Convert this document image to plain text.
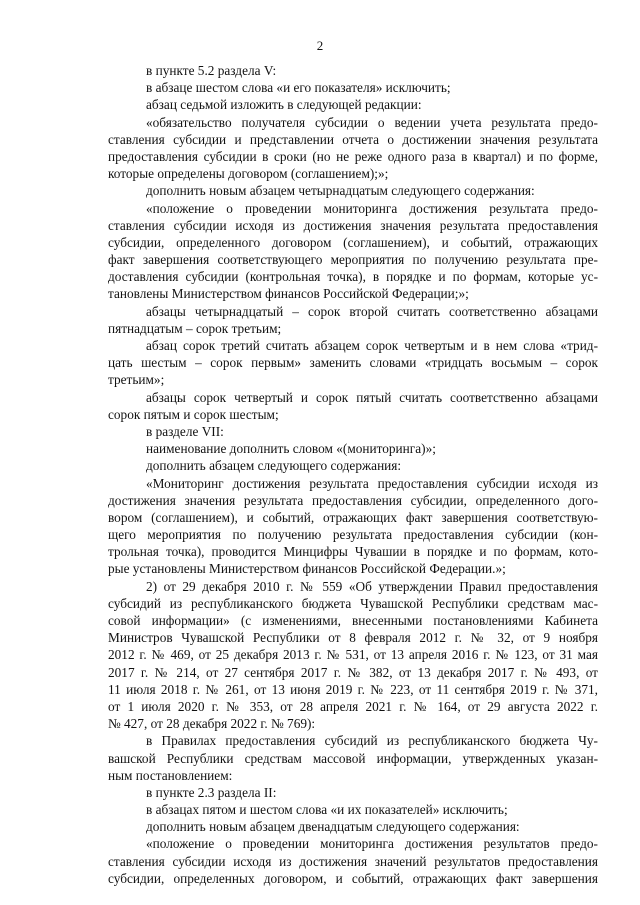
2
в пункте 5.2 раздела V:
в абзаце шестом слова «и его показателя» исключить;
абзац седьмой изложить в следующей редакции:
«обязательство получателя субсидии о ведении учета результата предо-
ставления субсидии и представлении отчета о достижении значения результата
предоставления субсидии в сроки (но не реже одного раза в квартал) и по форме,
которые определены договором (соглашением);»;
дополнить новым абзацем четырнадцатым следующего содержания:
«положение о проведении мониторинга достижения результата предо-
ставления субсидии исходя из достижения значения результата предоставления
субсидии, определенного договором (соглашением), и событий, отражающих
факт завершения соответствующего мероприятия по получению результата пре-
доставления субсидии (контрольная точка), в порядке и по формам, которые ус-
тановлены Министерством финансов Российской Федерации;»;
абзацы четырнадцатый – сорок второй считать соответственно абзацами
пятнадцатым – сорок третьим;
абзац сорок третий считать абзацем сорок четвертым и в нем слова «трид-
цать шестым – сорок первым» заменить словами «тридцать восьмым – сорок
третьим»;
абзацы сорок четвертый и сорок пятый считать соответственно абзацами
сорок пятым и сорок шестым;
в разделе VII:
наименование дополнить словом «(мониторинга)»;
дополнить абзацем следующего содержания:
«Мониторинг достижения результата предоставления субсидии исходя из
достижения значения результата предоставления субсидии, определенного дого-
вором (соглашением), и событий, отражающих факт завершения соответствую-
щего мероприятия по получению результата предоставления субсидии (кон-
трольная точка), проводится Минцифры Чувашии в порядке и по формам, кото-
рые установлены Министерством финансов Российской Федерации.»;
2) от 29 декабря 2010 г. № 559 «Об утверждении Правил предоставления
субсидий из республиканского бюджета Чувашской Республики средствам мас-
совой информации» (с изменениями, внесенными постановлениями Кабинета
Министров Чувашской Республики от 8 февраля 2012 г. № 32, от 9 ноября
2012 г. № 469, от 25 декабря 2013 г. № 531, от 13 апреля 2016 г. № 123, от 31 мая
2017 г. № 214, от 27 сентября 2017 г. № 382, от 13 декабря 2017 г. № 493, от
11 июля 2018 г. № 261, от 13 июня 2019 г. № 223, от 11 сентября 2019 г. № 371,
от 1 июля 2020 г. № 353, от 28 апреля 2021 г. № 164, от 29 августа 2022 г.
№ 427, от 28 декабря 2022 г. № 769):
в Правилах предоставления субсидий из республиканского бюджета Чу-
вашской Республики средствам массовой информации, утвержденных указан-
ным постановлением:
в пункте 2.3 раздела II:
в абзацах пятом и шестом слова «и их показателей» исключить;
дополнить новым абзацем двенадцатым следующего содержания:
«положение о проведении мониторинга достижения результатов предо-
ставления субсидии исходя из достижения значений результатов предоставления
субсидии, определенных договором, и событий, отражающих факт завершения
